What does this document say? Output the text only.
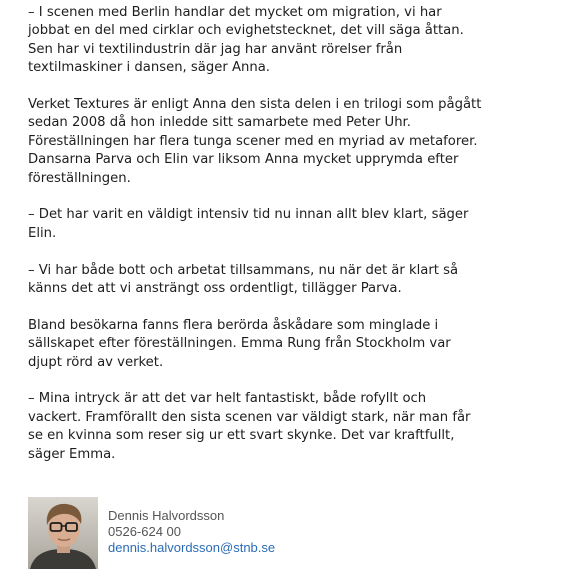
– I scenen med Berlin handlar det mycket om migration, vi har
jobbat en del med cirklar och evighetstecknet, det vill säga åttan.
Sen har vi textilindustrin där jag har använt rörelser från
textilmaskiner i dansen, säger Anna.

Verket Textures är enligt Anna den sista delen i en trilogi som pågått
sedan 2008 då hon inledde sitt samarbete med Peter Uhr.
Föreställningen har flera tunga scener med en myriad av metaforer.
Dansarna Parva och Elin var liksom Anna mycket upprymda efter
föreställningen.

– Det har varit en väldigt intensiv tid nu innan allt blev klart, säger
Elin.

– Vi har både bott och arbetat tillsammans, nu när det är klart så
känns det att vi ansträngt oss ordentligt, tillägger Parva.

Bland besökarna fanns flera berörda åskådare som minglade i
sällskapet efter föreställningen. Emma Rung från Stockholm var
djupt rörd av verket.

– Mina intryck är att det var helt fantastiskt, både rofyllt och
vackert. Framförallt den sista scenen var väldigt stark, när man får
se en kvinna som reser sig ur ett svart skynke. Det var kraftfullt,
säger Emma.

Dennis Halvordsson
0526-624 00
dennis.halvordsson@stnb.se
